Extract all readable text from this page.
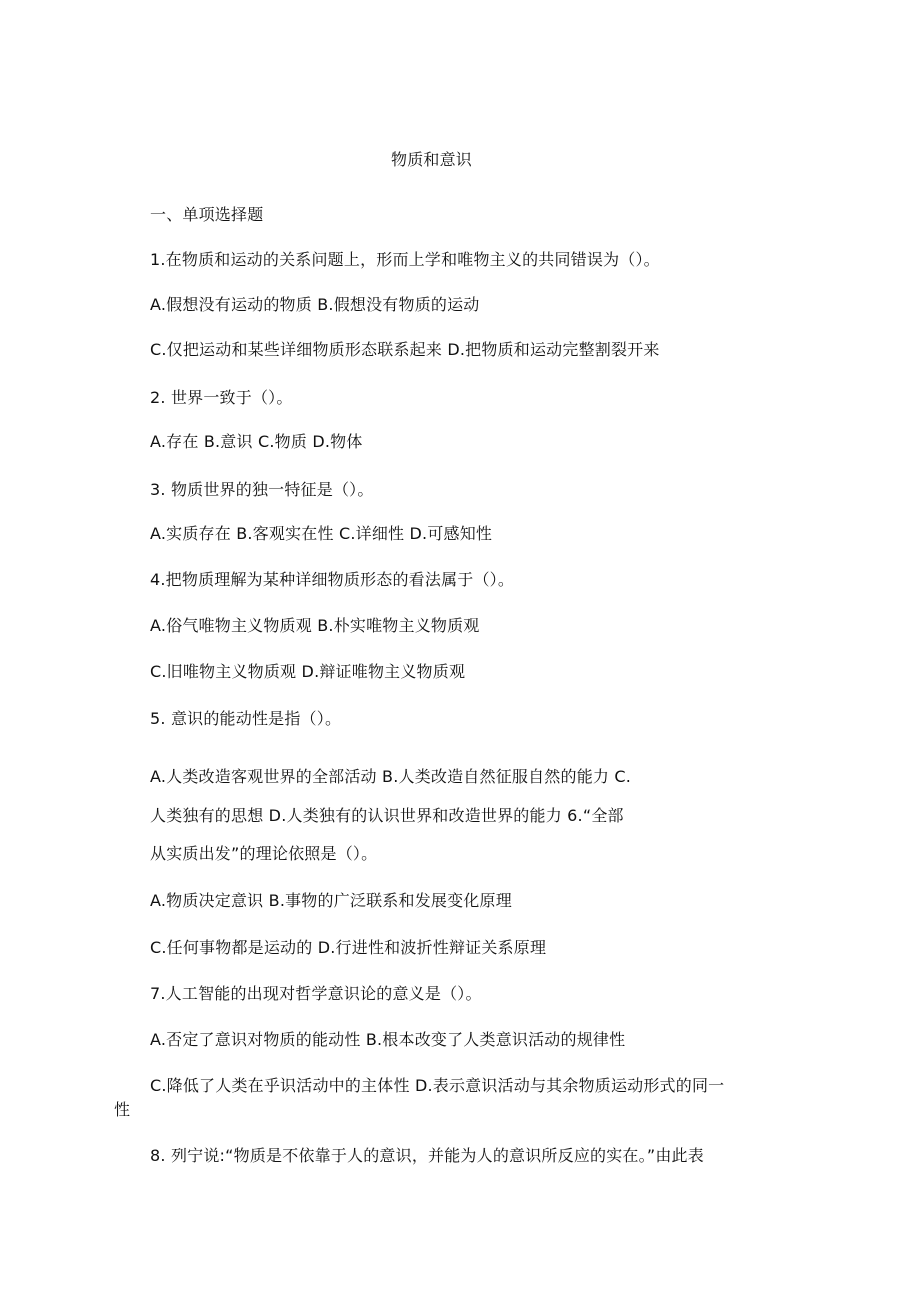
物质和意识
一、单项选择题
1.在物质和运动的关系问题上，形而上学和唯物主义的共同错误为（）。
A.假想没有运动的物质 B.假想没有物质的运动
C.仅把运动和某些详细物质形态联系起来 D.把物质和运动完整割裂开来
2. 世界一致于（）。
A.存在 B.意识 C.物质 D.物体
3. 物质世界的独一特征是（）。
A.实质存在 B.客观实在性 C.详细性 D.可感知性
4.把物质理解为某种详细物质形态的看法属于（）。
A.俗气唯物主义物质观 B.朴实唯物主义物质观
C.旧唯物主义物质观 D.辩证唯物主义物质观
5. 意识的能动性是指（）。
A.人类改造客观世界的全部活动 B.人类改造自然征服自然的能力 C.
人类独有的思想 D.人类独有的认识世界和改造世界的能力 6.“全部
从实质出发”的理论依照是（）。
A.物质决定意识 B.事物的广泛联系和发展变化原理
C.任何事物都是运动的 D.行进性和波折性辩证关系原理
7.人工智能的出现对哲学意识论的意义是（）。
A.否定了意识对物质的能动性 B.根本改变了人类意识活动的规律性
C.降低了人类在乎识活动中的主体性 D.表示意识活动与其余物质运动形式的同一
性
8. 列宁说:“物质是不依靠于人的意识，并能为人的意识所反应的实在。”由此表
